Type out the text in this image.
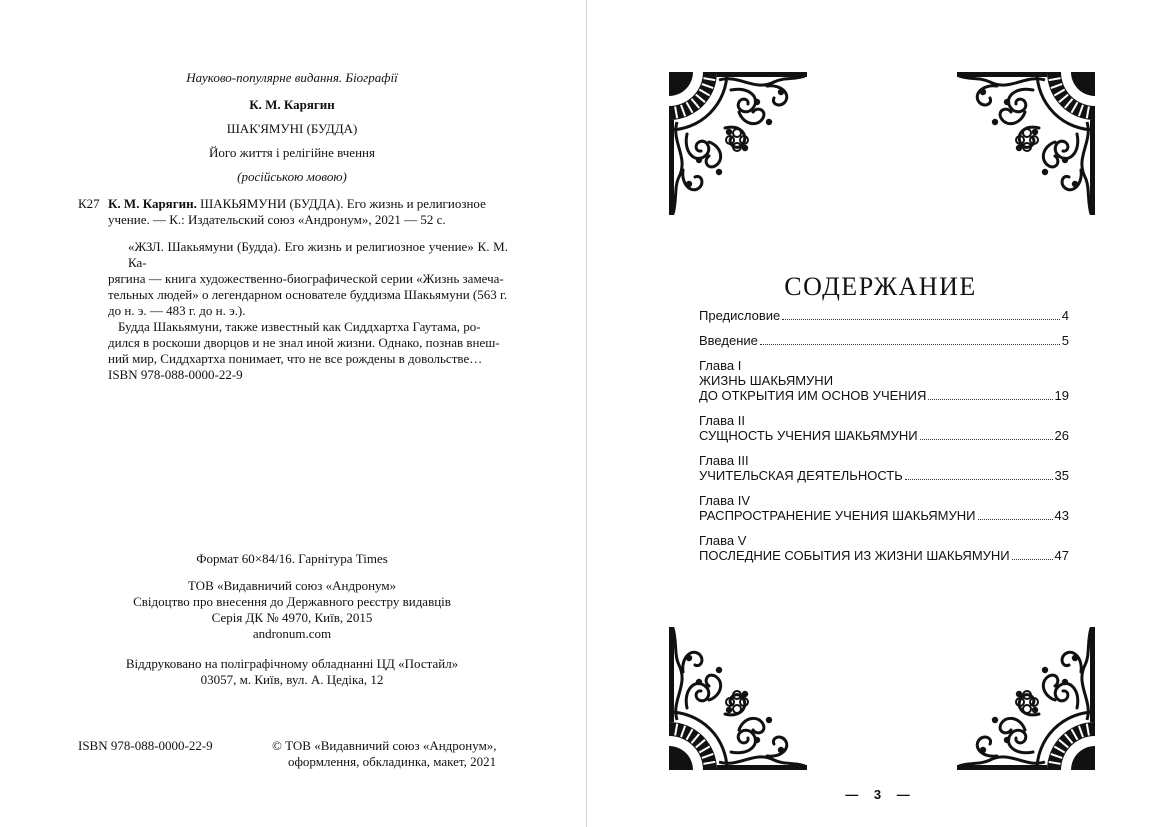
Науково-популярне видання. Біографії
К. М. Карягин
ШАК'ЯМУНІ (БУДДА)
Його життя і релігійне вчення
(російською мовою)
К27 К. М. Карягин. ШАКЬЯМУНИ (БУДДА). Его жизнь и религиозное
учение. — К.: Издательский союз «Андронум», 2021 — 52 с.
«ЖЗЛ. Шакьямуни (Будда). Его жизнь и религиозное учение» К. М. Ка-
рягина — книга художественно-биографической серии «Жизнь замеча-
тельных людей» о легендарном основателе буддизма Шакьямуни (563 г.
до н. э. — 483 г. до н. э.).
Будда Шакьямуни, также известный как Сиддхартха Гаутама, ро-
дился в роскоши дворцов и не знал иной жизни. Однако, познав внеш-
ний мир, Сиддхартха понимает, что не все рождены в довольстве…
ISBN 978-088-0000-22-9
Формат 60×84/16. Гарнітура Times
ТОВ «Видавничий союз «Андронум»
Свідоцтво про внесення до Державного реєстру видавців
Серія ДК № 4970, Київ, 2015
andronum.com
Віддруковано на поліграфічному обладнанні ЦД «Постайл»
03057, м. Київ, вул. А. Цедіка, 12
ISBN 978-088-0000-22-9	© ТОВ «Видавничий союз «Андронум»,
оформлення, обкладинка, макет, 2021
СОДЕРЖАНИЕ
Предисловие	4
Введение	5
Глава I
ЖИЗНЬ ШАКЬЯМУНИ
ДО ОТКРЫТИЯ ИМ ОСНОВ УЧЕНИЯ	19
Глава II
СУЩНОСТЬ УЧЕНИЯ ШАКЬЯМУНИ	26
Глава III
УЧИТЕЛЬСКАЯ ДЕЯТЕЛЬНОСТЬ	35
Глава IV
РАСПРОСТРАНЕНИЕ УЧЕНИЯ ШАКЬЯМУНИ	43
Глава V
ПОСЛЕДНИЕ СОБЫТИЯ ИЗ ЖИЗНИ ШАКЬЯМУНИ	47
— 3 —
